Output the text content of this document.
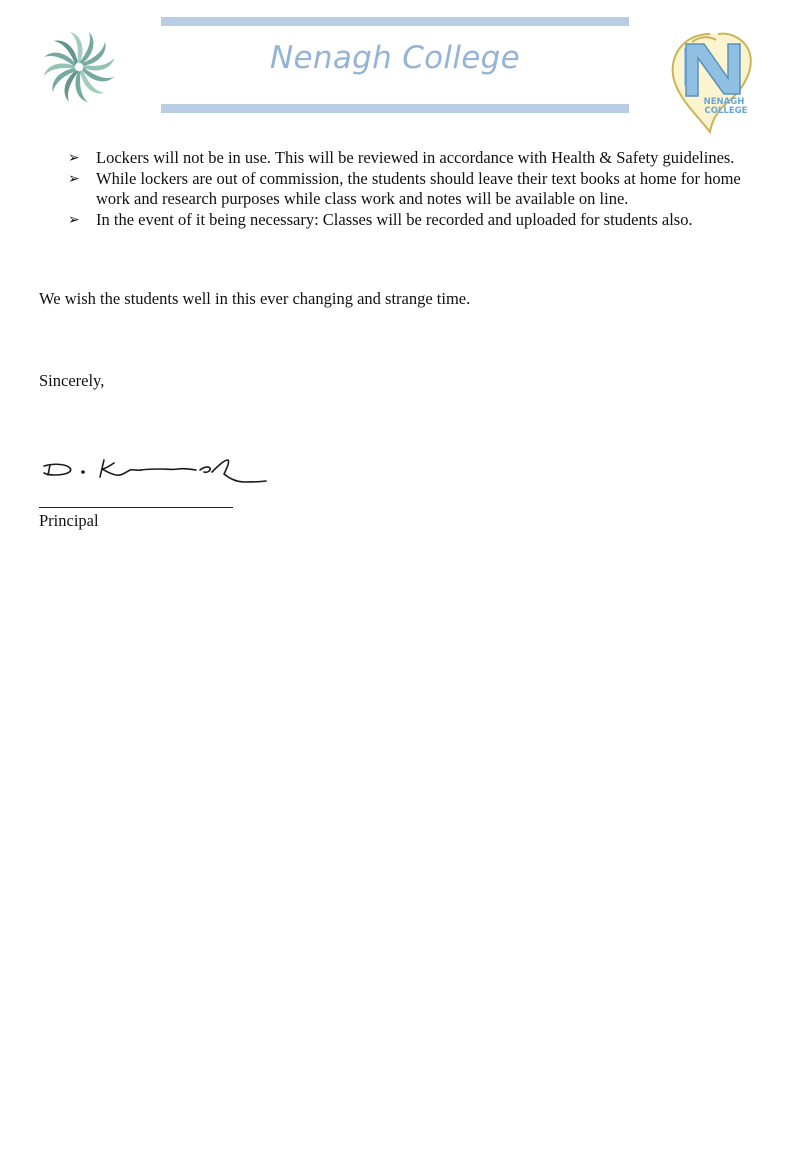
Nenagh College
NENAGH
COLLEGE
➢ Lockers will not be in use. This will be reviewed in accordance with Health & Safety guidelines.
➢ While lockers are out of commission, the students should leave their text books at home for home work and research purposes while class work and notes will be available on line.
➢ In the event of it being necessary: Classes will be recorded and uploaded for students also.

We wish the students well in this ever changing and strange time.

Sincerely,

Principal
